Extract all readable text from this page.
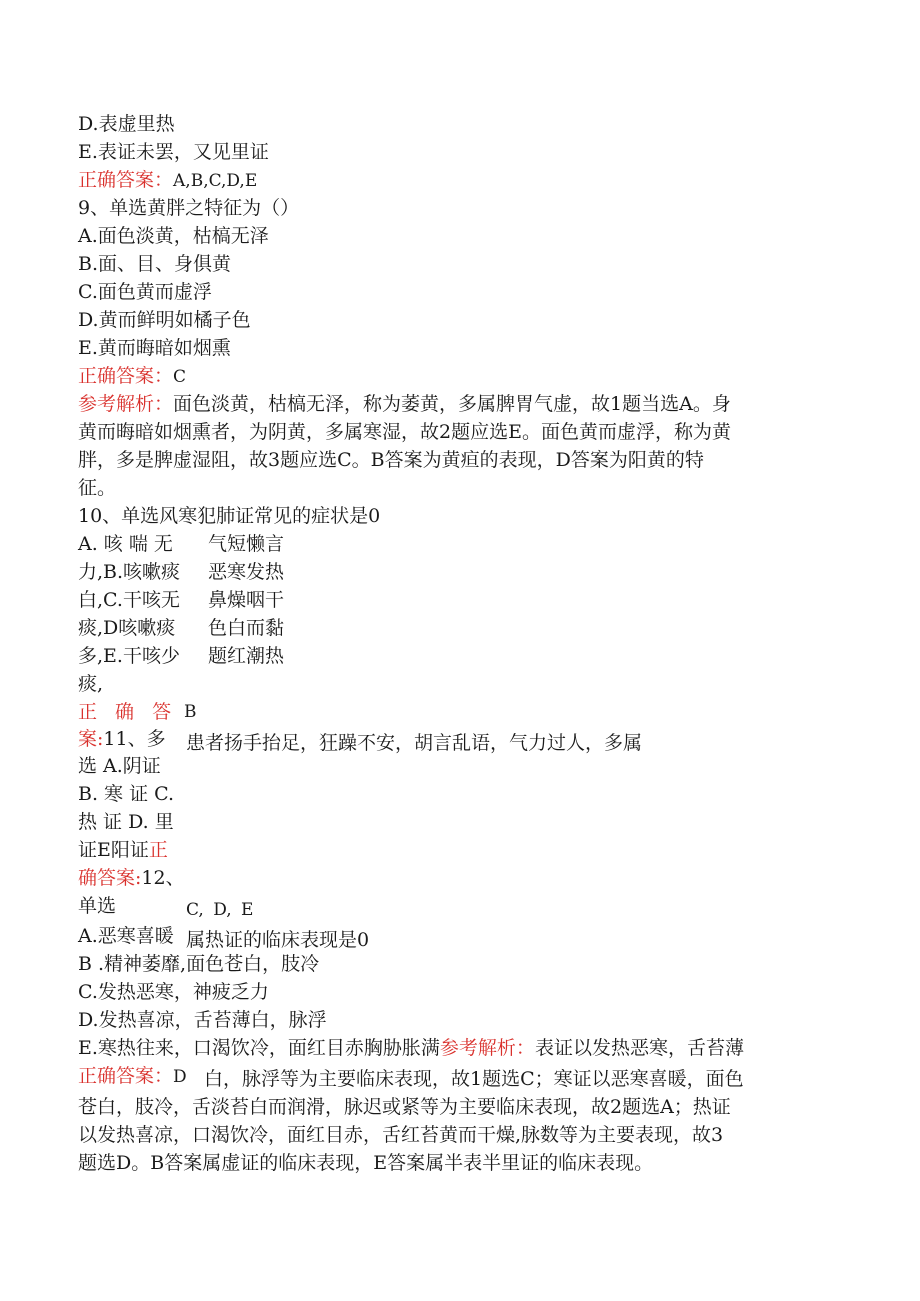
D.表虚里热
E.表证未罢，又见里证
正确答案：A,B,C,D,E
9、单选黄胖之特征为（）
A.面色淡黄，枯槁无泽
B.面、目、身俱黄
C.面色黄而虚浮
D.黄而鲜明如橘子色
E.黄而晦暗如烟熏
正确答案：C
参考解析：面色淡黄，枯槁无泽，称为萎黄，多属脾胃气虚，故1题当选A。身
黄而晦暗如烟熏者，为阴黄，多属寒湿，故2题应选E。面色黄而虚浮，称为黄
胖，多是脾虚湿阻，故3题应选C。B答案为黄疸的表现，D答案为阳黄的特
征。
10、单选风寒犯肺证常见的症状是0
A. 咳 喘 无
力,B.咳嗽痰
白,C.干咳无
痰,D咳嗽痰
多,E.干咳少
痰,
气短懒言
恶寒发热
鼻燥咽干
色白而黏
题红潮热
正 确 答 B
案:11、多 患者扬手抬足，狂躁不安，胡言乱语，气力过人，多属
选 A.阴证
B. 寒 证 C.
热 证 D. 里
证E阳证正
确答案:12、
单选	C, D, E
A.恶寒喜暖 属热证的临床表现是0
B .精神萎靡,面色苍白，肢冷
C.发热恶寒，神疲乏力
D.发热喜凉，舌苔薄白，脉浮
E.寒热往来，口渴饮冷，面红目赤胸胁胀满参考解析：表证以发热恶寒，舌苔薄
正确答案：D 白，脉浮等为主要临床表现，故1题选C；寒证以恶寒喜暖，面色
苍白，肢冷，舌淡苔白而润滑，脉迟或紧等为主要临床表现，故2题选A；热证
以发热喜凉，口渴饮冷，面红目赤，舌红苔黄而干燥,脉数等为主要表现，故3
题选D。B答案属虚证的临床表现，E答案属半表半里证的临床表现。
